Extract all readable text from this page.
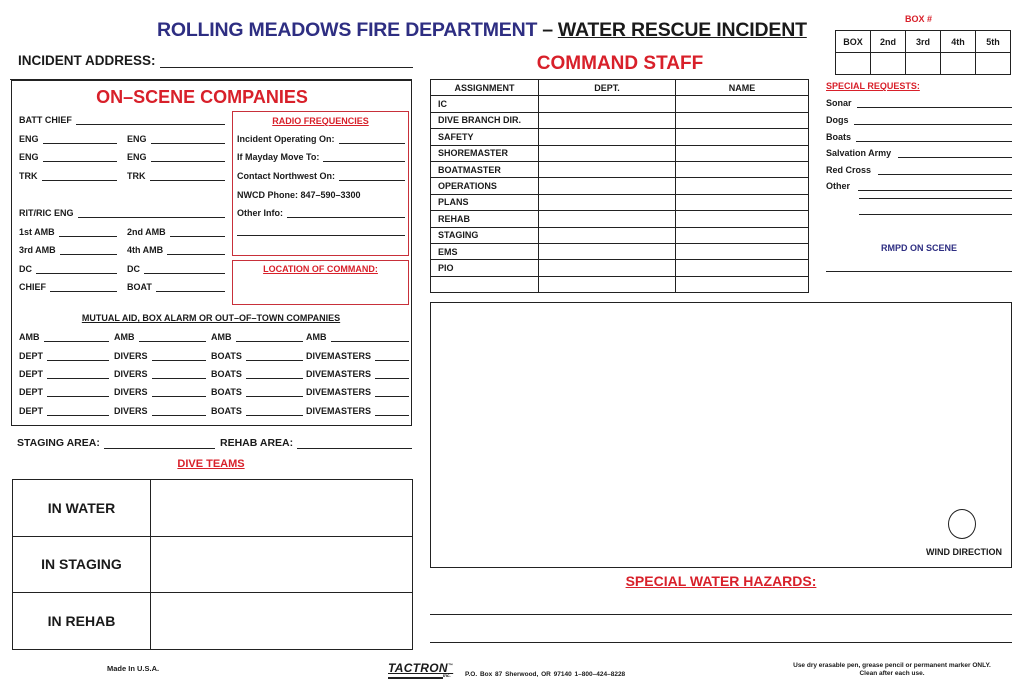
ROLLING MEADOWS FIRE DEPARTMENT – WATER RESCUE INCIDENT
INCIDENT ADDRESS:
BOX #
BOX	2nd	3rd	4th	5th

ON–SCENE COMPANIES
BATT CHIEF
ENG	ENG
ENG	ENG
TRK	TRK
RIT/RIC ENG
1st AMB	2nd AMB
3rd AMB	4th AMB
DC	DC
CHIEF	BOAT
RADIO FREQUENCIES
Incident Operating On:
If Mayday Move To:
Contact Northwest On:
NWCD Phone: 847–590–3300
Other Info:
LOCATION OF COMMAND:
MUTUAL AID, BOX ALARM OR OUT–OF–TOWN COMPANIES
AMB	AMB	AMB	AMB
DEPT	DIVERS	BOATS	DIVEMASTERS
DEPT	DIVERS	BOATS	DIVEMASTERS
DEPT	DIVERS	BOATS	DIVEMASTERS
DEPT	DIVERS	BOATS	DIVEMASTERS
STAGING AREA:	REHAB AREA:
DIVE TEAMS
IN WATER	
IN STAGING	
IN REHAB	
COMMAND STAFF
ASSIGNMENT	DEPT.	NAME
IC		
DIVE BRANCH DIR.		
SAFETY		
SHOREMASTER		
BOATMASTER		
OPERATIONS		
PLANS		
REHAB		
STAGING		
EMS		
PIO		

SPECIAL REQUESTS:
Sonar
Dogs
Boats
Salvation Army
Red Cross
Other
RMPD ON SCENE
WIND DIRECTION
SPECIAL WATER HAZARDS:
Made In U.S.A.	TACTRON™
Inc. P.O. Box 87 Sherwood, OR 97140 1–800–424–8228
Use dry erasable pen, grease pencil or permanent marker ONLY.
Clean after each use.
